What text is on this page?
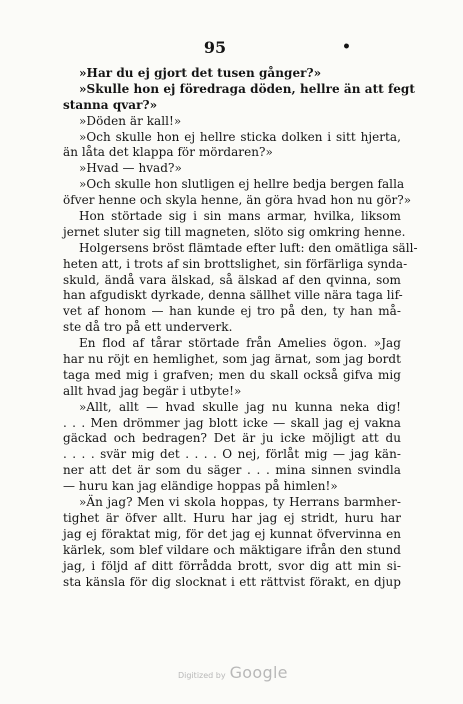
95	•
»Har du ej gjort det tusen gånger?»
»Skulle hon ej föredraga döden, hellre än att fegt
stanna qvar?»
»Döden är kall!»
»Och skulle hon ej hellre sticka dolken i sitt hjerta,
än låta det klappa för mördaren?»
»Hvad — hvad?»
»Och skulle hon slutligen ej hellre bedja bergen falla
öfver henne och skyla henne, än göra hvad hon nu gör?»
Hon störtade sig i sin mans armar, hvilka, liksom
jernet sluter sig till magneten, slöto sig omkring henne.
Holgersens bröst flämtade efter luft: den omätliga säll-
heten att, i trots af sin brottslighet, sin förfärliga synda-
skuld, ändå vara älskad, så älskad af den qvinna, som
han afgudiskt dyrkade, denna sällhet ville nära taga lif-
vet af honom — han kunde ej tro på den, ty han må-
ste då tro på ett underverk.
En flod af tårar störtade från Amelies ögon. »Jag
har nu röjt en hemlighet, som jag ärnat, som jag bordt
taga med mig i grafven; men du skall också gifva mig
allt hvad jag begär i utbyte!»
»Allt, allt — hvad skulle jag nu kunna neka dig!
. . . Men drömmer jag blott icke — skall jag ej vakna
gäckad och bedragen? Det är ju icke möjligt att du
. . . . svär mig det . . . . O nej, förlåt mig — jag kän-
ner att det är som du säger . . . mina sinnen svindla
— huru kan jag eländige hoppas på himlen!»
»Än jag? Men vi skola hoppas, ty Herrans barmher-
tighet är öfver allt. Huru har jag ej stridt, huru har
jag ej föraktat mig, för det jag ej kunnat öfvervinna en
kärlek, som blef vildare och mäktigare ifrån den stund
jag, i följd af ditt förrådda brott, svor dig att min si-
sta känsla för dig slocknat i ett rättvist förakt, en djup
Digitized by Google
